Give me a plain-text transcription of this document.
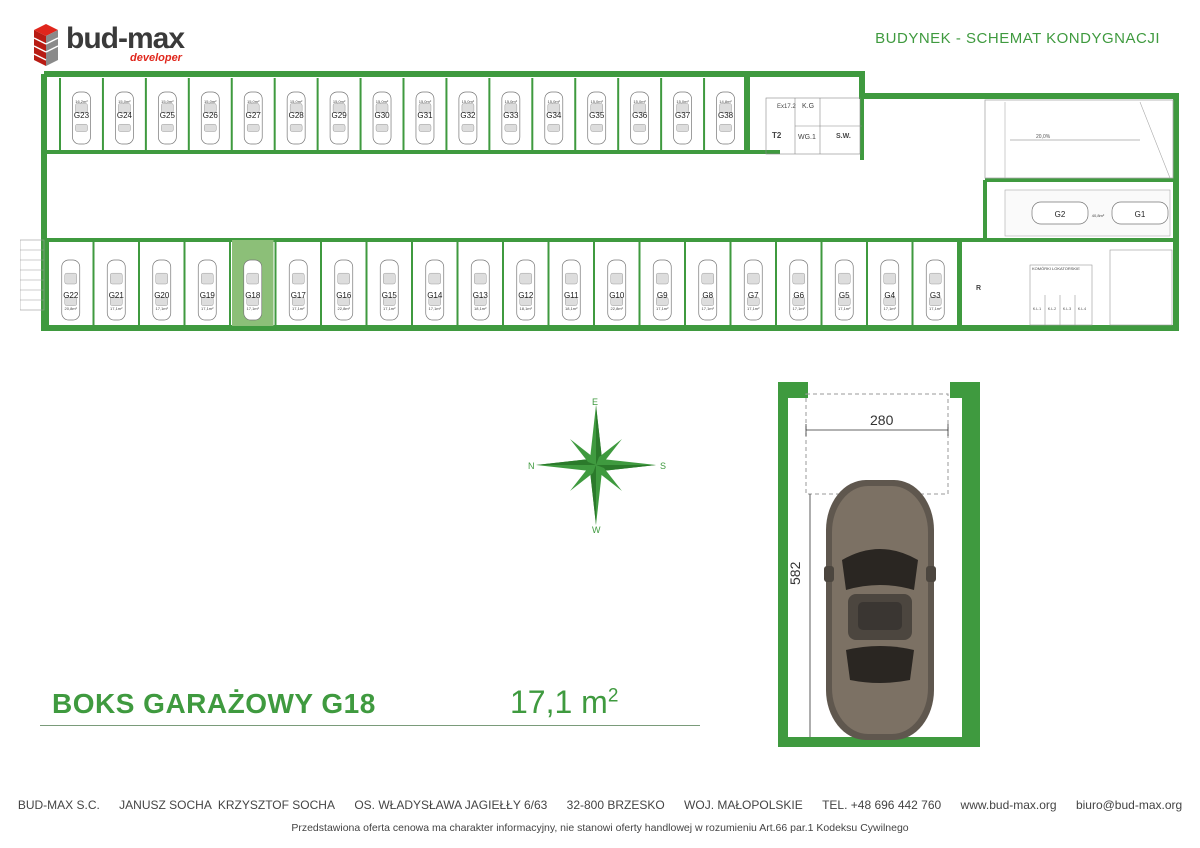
bud-max
developer
BUDYNEK - SCHEMAT KONDYGNACJI
20,0%
Ex17.2 K.G
T2 WG.1	S.W.
R
KOMÓRKI LOKATORSKIE
G23
16,2m²
G24
15,0m²
G25
15,0m²
G26
15,0m²
G27
15,0m²
G28
15,0m²
G29
15,0m²
G30
15,0m²
G31
15,0m²
G32
15,0m²
G33
15,0m²
G34
15,0m²
G35
15,0m²
G36
15,0m²
G37
15,0m²
G38
14,8m²
G22
20,8m²
G21
17,1m²
G20
17,1m²
G19
17,1m²
G18
17,1m²
G17
17,1m²
G16
22,8m²
G15
17,1m²
G14
17,1m²
G13
18,1m²
G12
18,1m²
G11
18,1m²
G10
22,8m²
G9
17,1m²
G8
17,1m²
G7
17,1m²
G6
17,1m²
G5
17,1m²
G4
17,1m²
G3
17,1m²
G2	G1
40,8m²
K.L.1 K.L.2 K.L.3 K.L.4
E
W
N	S
280
582
BOKS GARAŻOWY G18	17,1 $m^2$
BUD-MAX S.C. JANUSZ SOCHA  KRZYSZTOF SOCHA OS. WŁADYSŁAWA JAGIEŁŁY 6/63 32-800 BRZESKO WOJ. MAŁOPOLSKIE TEL. +48 696 442 760 www.bud-max.org biuro@bud-max.org
Przedstawiona oferta cenowa ma charakter informacyjny, nie stanowi oferty handlowej w rozumieniu Art.66 par.1 Kodeksu Cywilnego
